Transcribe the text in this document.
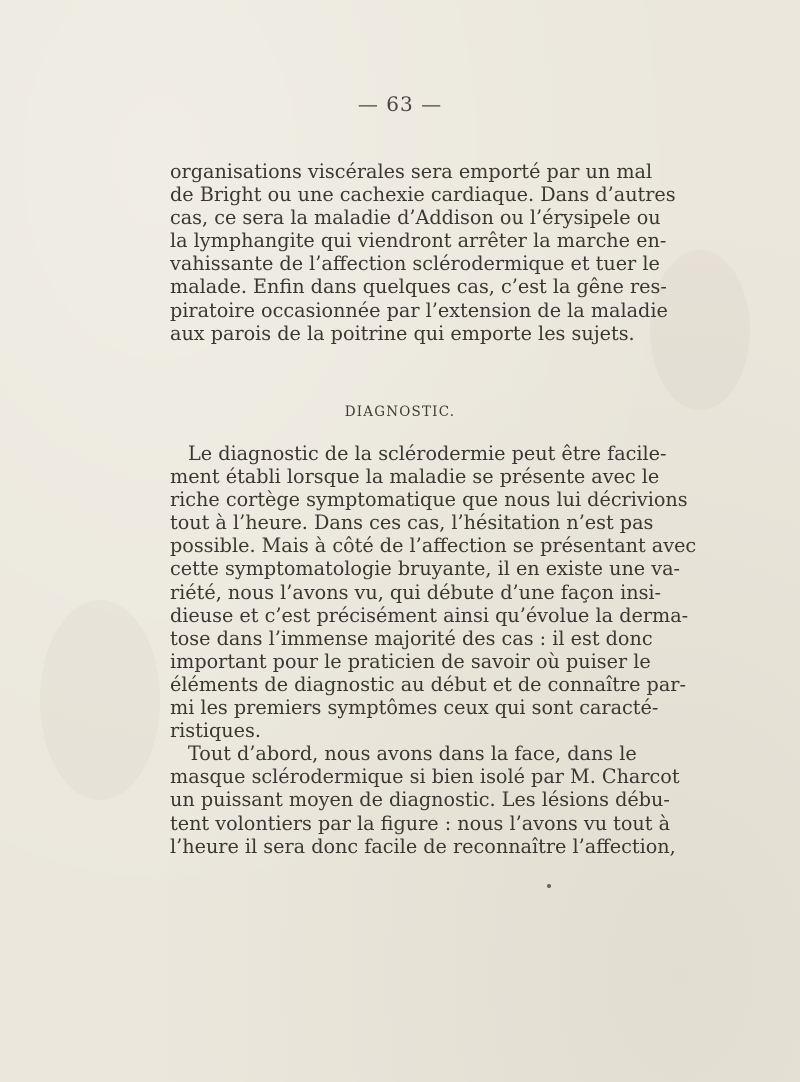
— 63 —

organisations viscérales sera emporté par un mal
de Bright ou une cachexie cardiaque. Dans d’autres
cas, ce sera la maladie d’Addison ou l’érysipele ou
la lymphangite qui viendront arrêter la marche en-
vahissante de l’affection sclérodermique et tuer le
malade. Enfin dans quelques cas, c’est la gêne res-
piratoire occasionnée par l’extension de la maladie
aux parois de la poitrine qui emporte les sujets.

DIAGNOSTIC.

Le diagnostic de la sclérodermie peut être facile-
ment établi lorsque la maladie se présente avec le
riche cortège symptomatique que nous lui décrivions
tout à l’heure. Dans ces cas, l’hésitation n’est pas
possible. Mais à côté de l’affection se présentant avec
cette symptomatologie bruyante, il en existe une va-
riété, nous l’avons vu, qui débute d’une façon insi-
dieuse et c’est précisément ainsi qu’évolue la derma-
tose dans l’immense majorité des cas : il est donc
important pour le praticien de savoir où puiser le
éléments de diagnostic au début et de connaître par-
mi les premiers symptômes ceux qui sont caracté-
ristiques.
Tout d’abord, nous avons dans la face, dans le
masque sclérodermique si bien isolé par M. Charcot
un puissant moyen de diagnostic. Les lésions débu-
tent volontiers par la figure : nous l’avons vu tout à
l’heure il sera donc facile de reconnaître l’affection,
